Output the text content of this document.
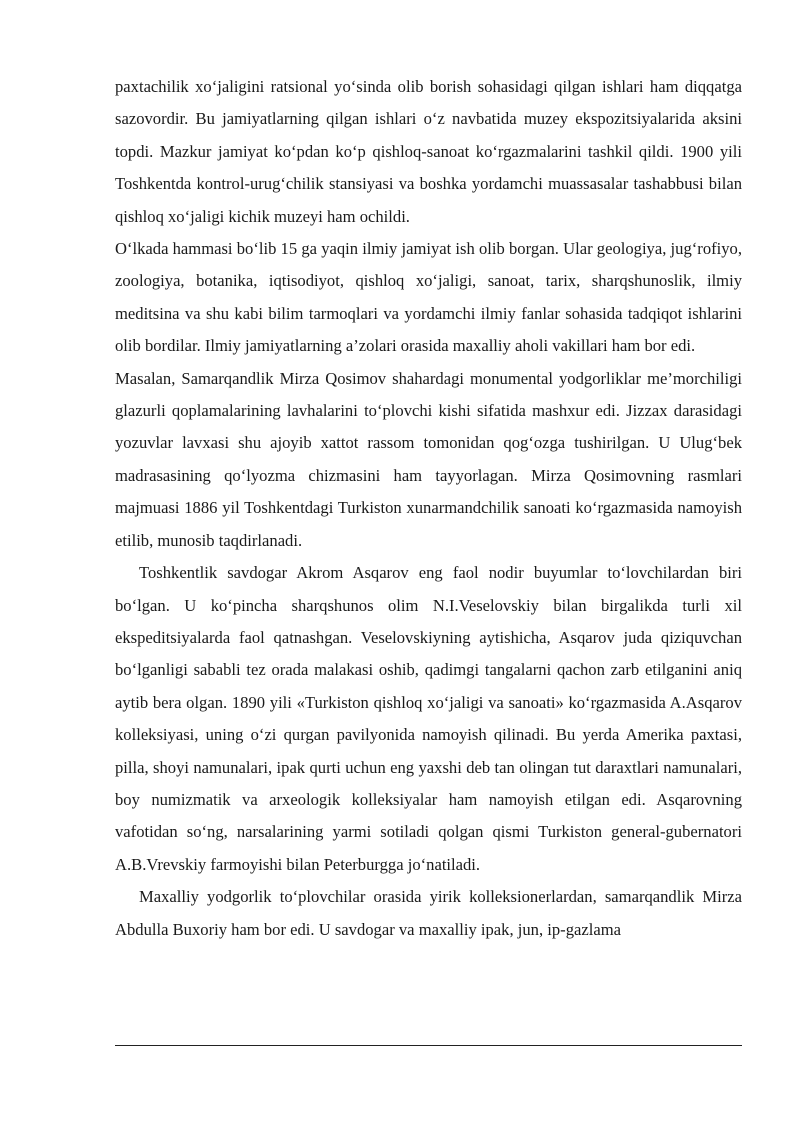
paxtachilik xo‘jaligini ratsional yo‘sinda olib borish sohasidagi qilgan ishlari ham diqqatga sazovordir. Bu jamiyatlarning qilgan ishlari o‘z navbatida muzey ekspozitsiyalarida aksini topdi. Mazkur jamiyat ko‘pdan ko‘p qishloq-sanoat ko‘rgazmalarini tashkil qildi. 1900 yili Toshkentda kontrol-urug‘chilik stansiyasi va boshka yordamchi muassasalar tashabbusi bilan qishloq xo‘jaligi kichik muzeyi ham ochildi.

O‘lkada hammasi bo‘lib 15 ga yaqin ilmiy jamiyat ish olib borgan. Ular geologiya, jug‘rofiyo, zoologiya, botanika, iqtisodiyot, qishloq xo‘jaligi, sanoat, tarix, sharqshunoslik, ilmiy meditsina va shu kabi bilim tarmoqlari va yordamchi ilmiy fanlar sohasida tadqiqot ishlarini olib bordilar. Ilmiy jamiyatlarning a’zolari orasida maxalliy aholi vakillari ham bor edi.

Masalan, Samarqandlik Mirza Qosimov shahardagi monumental yodgorliklar me’morchiligi glazurli qoplamalarining lavhalarini to‘plovchi kishi sifatida mashxur edi. Jizzax darasidagi yozuvlar lavxasi shu ajoyib xattot rassom tomonidan qog‘ozga tushirilgan. U Ulug‘bek madrasasining qo‘lyozma chizmasini ham tayyorlagan. Mirza Qosimovning rasmlari majmuasi 1886 yil Toshkentdagi Turkiston xunarmandchilik sanoati ko‘rgazmasida namoyish etilib, munosib taqdirlanadi.

Toshkentlik savdogar Akrom Asqarov eng faol nodir buyumlar to‘lovchilardan biri bo‘lgan. U ko‘pincha sharqshunos olim N.I.Veselovskiy bilan birgalikda turli xil ekspeditsiyalarda faol qatnashgan. Veselovskiyning aytishicha, Asqarov juda qiziquvchan bo‘lganligi sababli tez orada malakasi oshib, qadimgi tangalarni qachon zarb etilganini aniq aytib bera olgan. 1890 yili «Turkiston qishloq xo‘jaligi va sanoati» ko‘rgazmasida A.Asqarov kolleksiyasi, uning o‘zi qurgan pavilyonida namoyish qilinadi. Bu yerda Amerika paxtasi, pilla, shoyi namunalari, ipak qurti uchun eng yaxshi deb tan olingan tut daraxtlari namunalari, boy numizmatik va arxeologik kolleksiyalar ham namoyish etilgan edi. Asqarovning vafotidan so‘ng, narsalarining yarmi sotiladi qolgan qismi Turkiston general-gubernatori A.B.Vrevskiy farmoyishi bilan Peterburgga jo‘natiladi.

Maxalliy yodgorlik to‘plovchilar orasida yirik kolleksionerlardan, samarqandlik Mirza Abdulla Buxoriy ham bor edi. U savdogar va maxalliy ipak, jun, ip-gazlama
